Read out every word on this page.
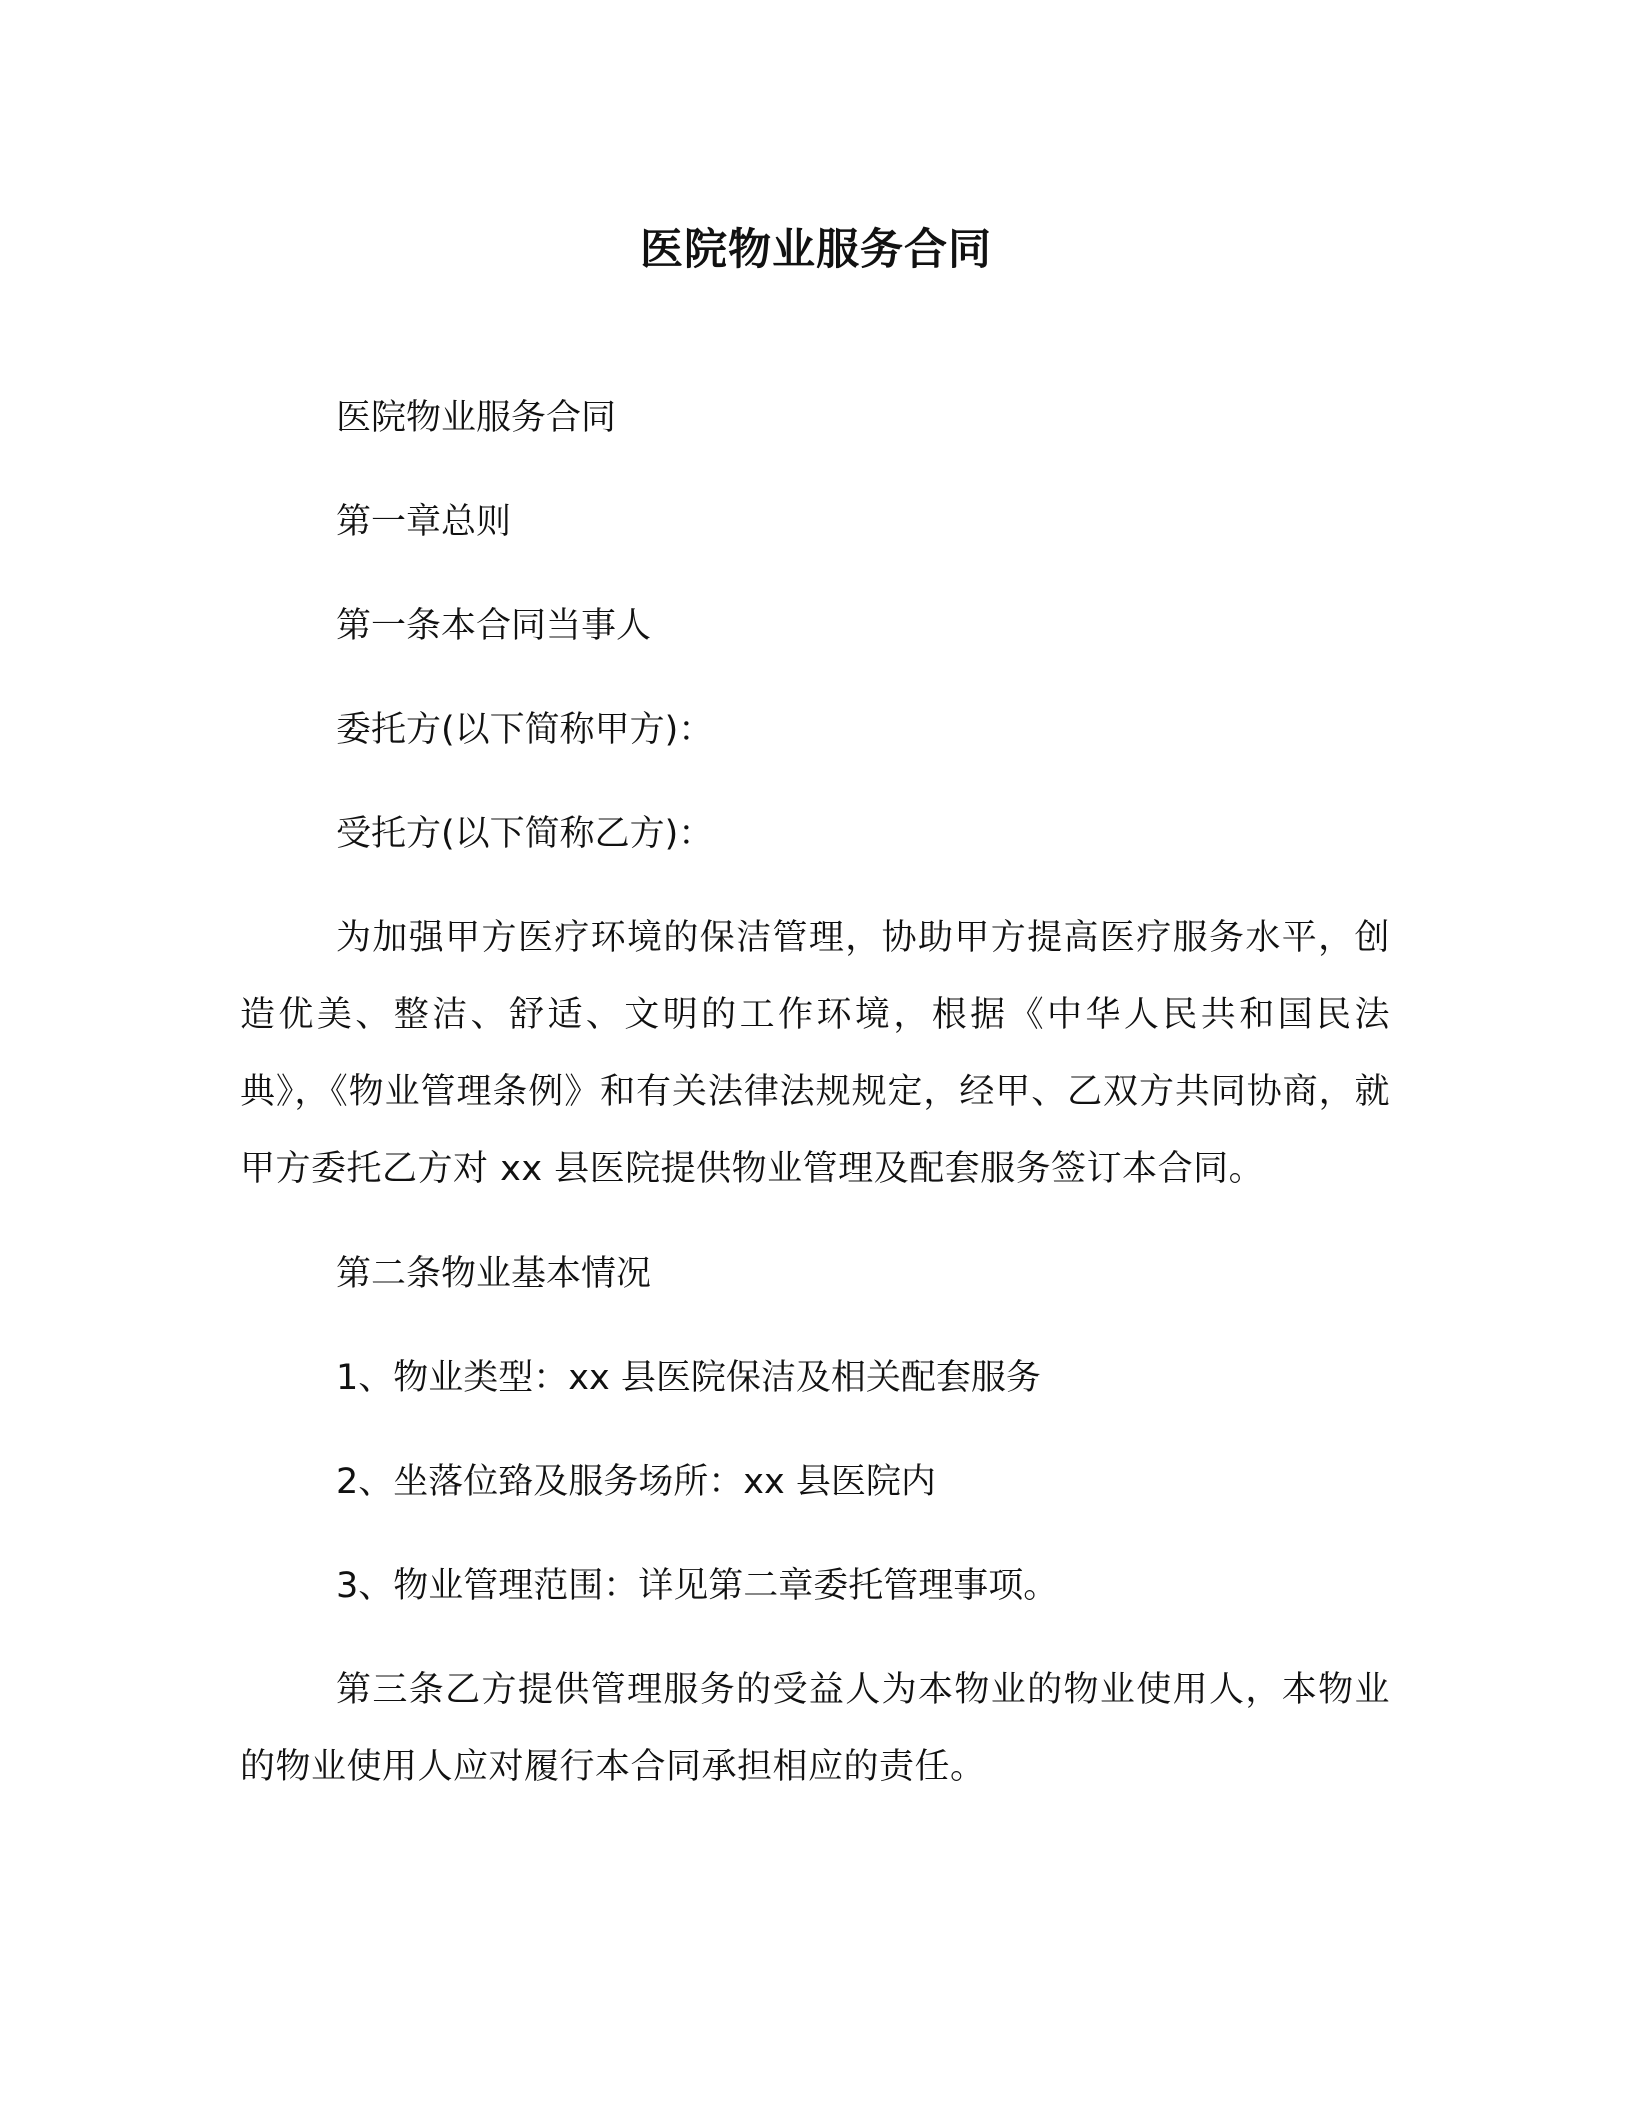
医院物业服务合同

医院物业服务合同

第一章总则

第一条本合同当事人

委托方(以下简称甲方)：

受托方(以下简称乙方)：

为加强甲方医疗环境的保洁管理，协助甲方提高医疗服务水平，创造优美、整洁、舒适、文明的工作环境，根据《中华人民共和国民法典》，《物业管理条例》和有关法律法规规定，经甲、乙双方共同协商，就甲方委托乙方对 xx 县医院提供物业管理及配套服务签订本合同。

第二条物业基本情况

1、物业类型：xx 县医院保洁及相关配套服务

2、坐落位臵及服务场所：xx 县医院内

3、物业管理范围：详见第二章委托管理事项。

第三条乙方提供管理服务的受益人为本物业的物业使用人，本物业的物业使用人应对履行本合同承担相应的责任。
